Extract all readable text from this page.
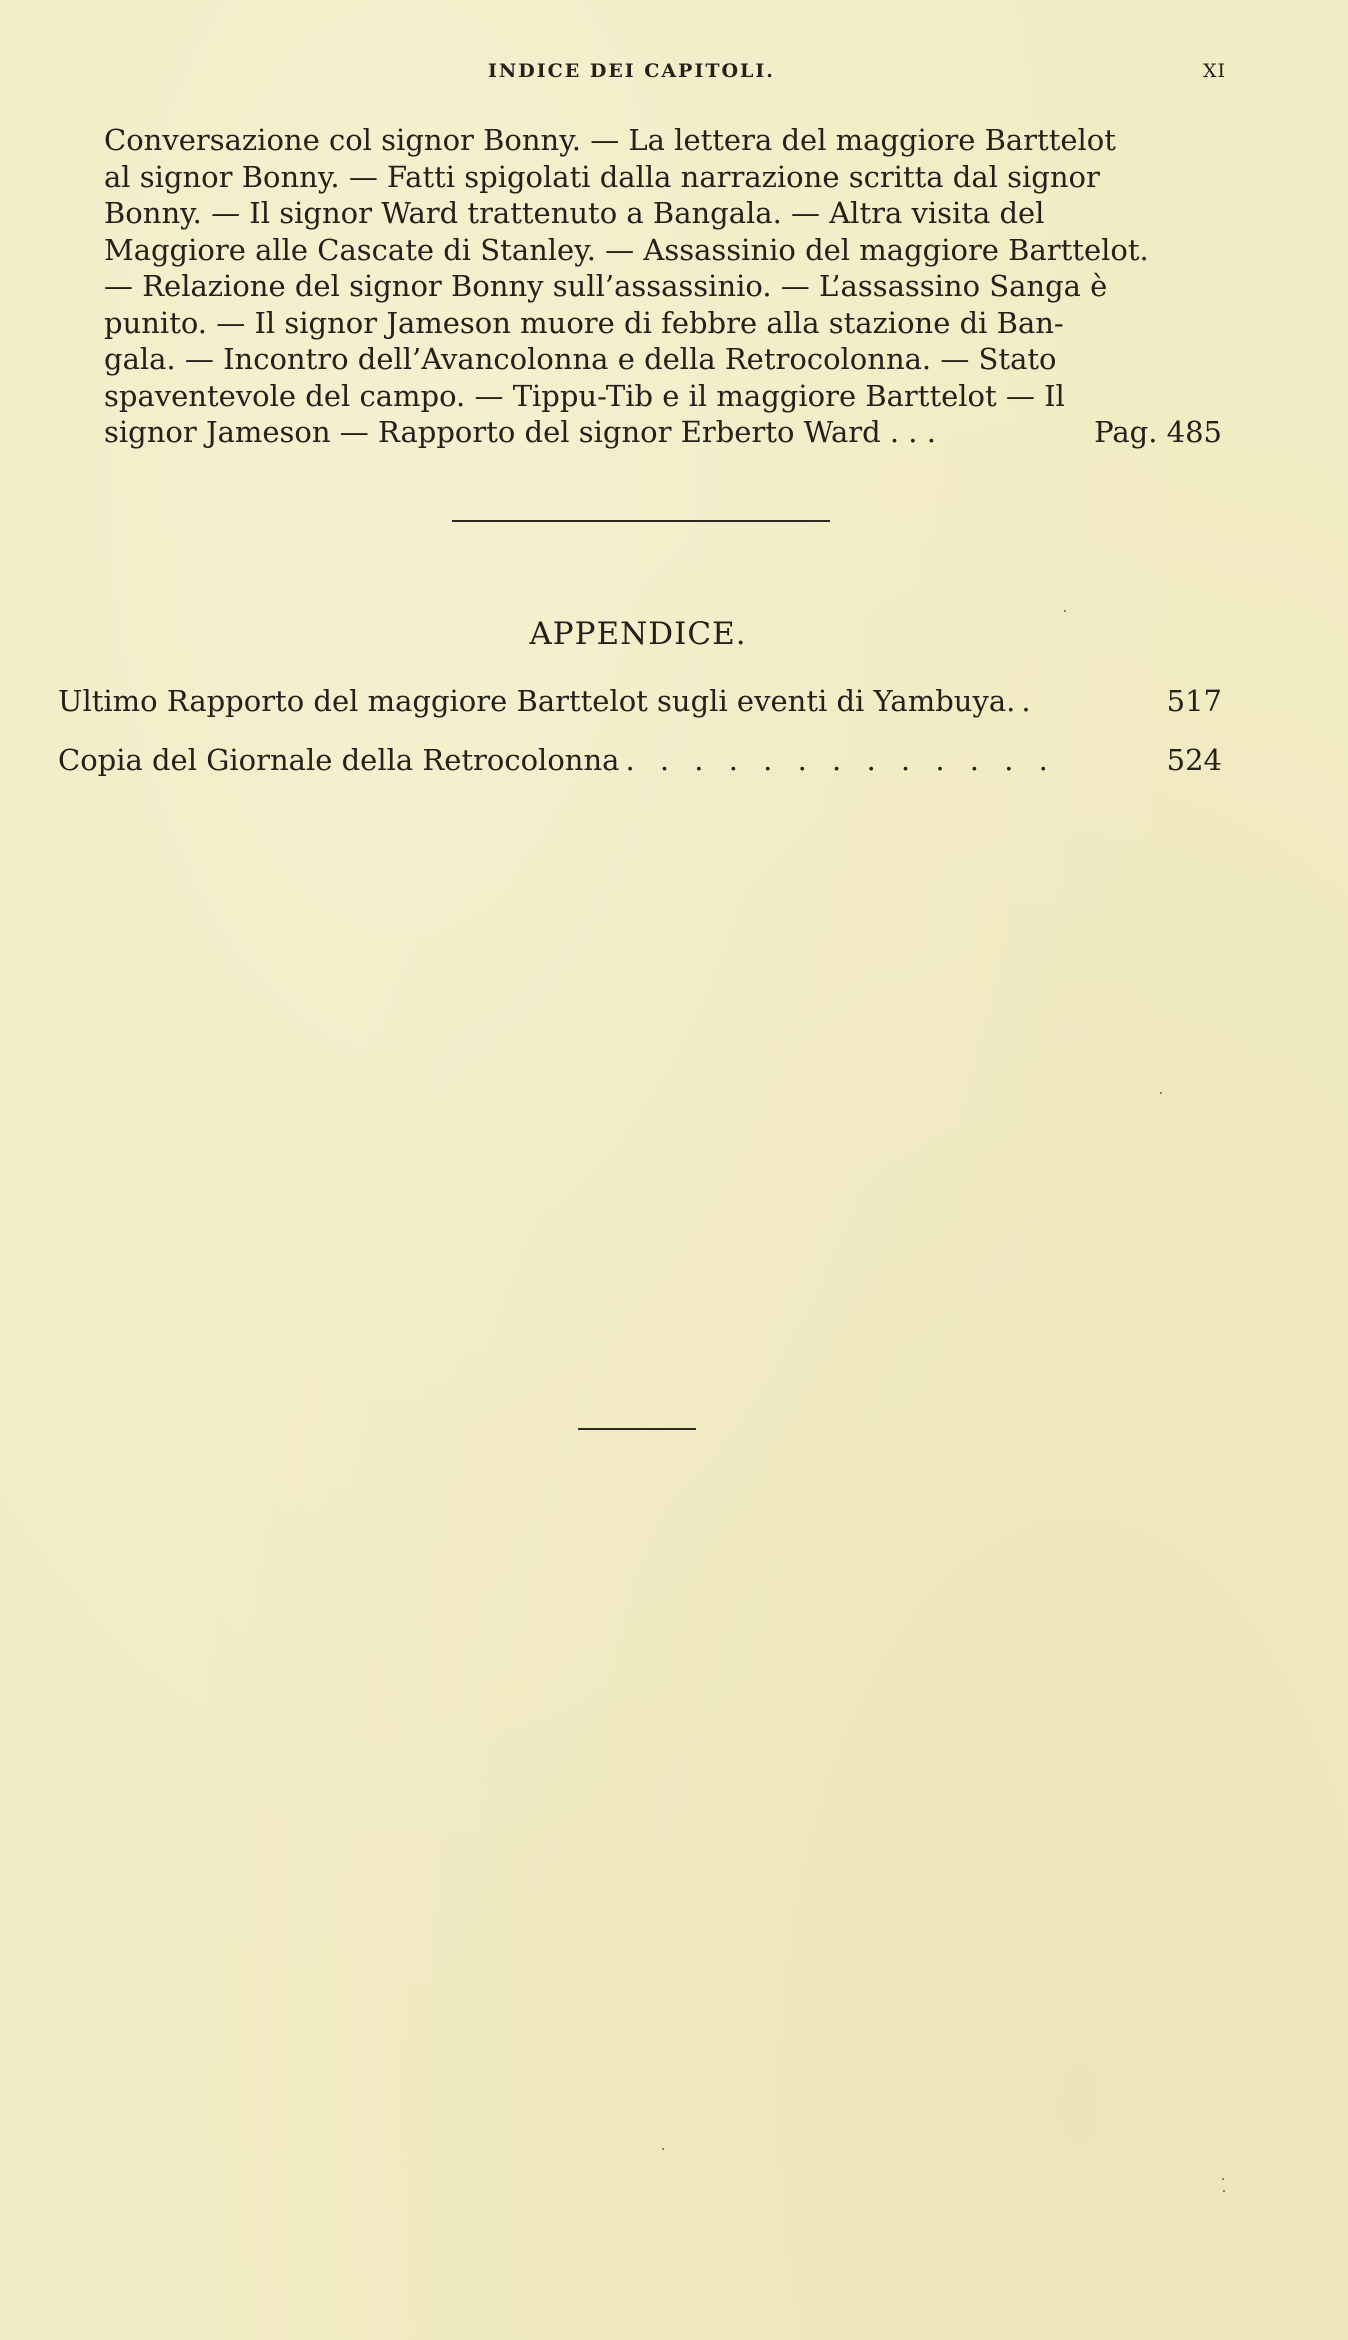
INDICE DEI CAPITOLI.	XI
Conversazione col signor Bonny. — La lettera del maggiore Barttelot
al signor Bonny. — Fatti spigolati dalla narrazione scritta dal signor
Bonny. — Il signor Ward trattenuto a Bangala. — Altra visita del
Maggiore alle Cascate di Stanley. — Assassinio del maggiore Barttelot.
— Relazione del signor Bonny sull’assassinio. — L’assassino Sanga è
punito. — Il signor Jameson muore di febbre alla stazione di Ban-
gala. — Incontro dell’Avancolonna e della Retrocolonna. — Stato
spaventevole del campo. — Tippu-Tib e il maggiore Barttelot — Il
signor Jameson — Rapporto del signor Erberto Ward . . .	Pag. 485
APPENDICE.
Ultimo Rapporto del maggiore Barttelot sugli eventi di Yambuya. .	517
Copia del Giornale della Retrocolonna . . . . . . . . . . . . .	524
